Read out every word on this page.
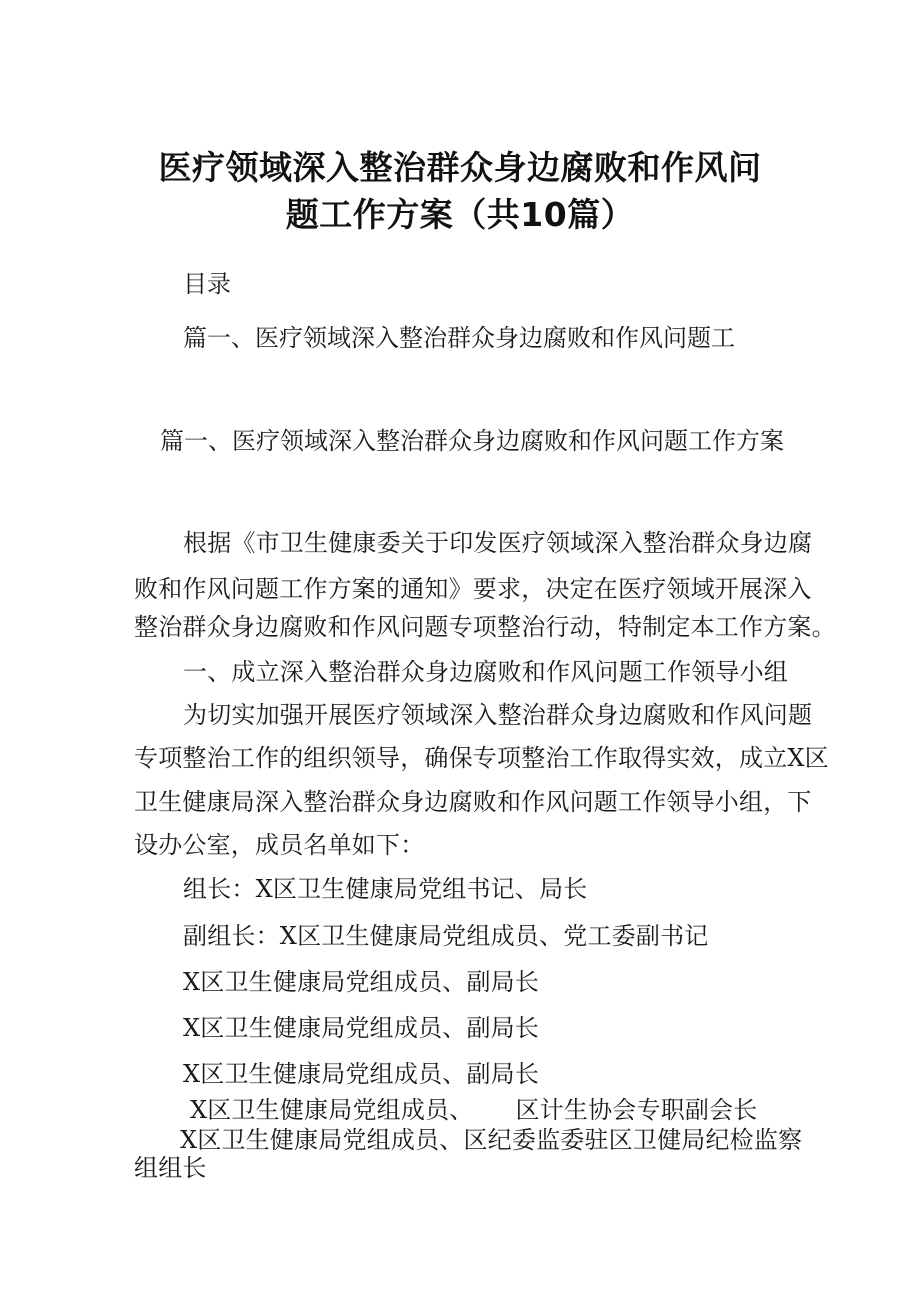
医疗领域深入整治群众身边腐败和作风问
题工作方案（共10篇）

目录

篇一、医疗领域深入整治群众身边腐败和作风问题工

篇一、医疗领域深入整治群众身边腐败和作风问题工作方案

根据《市卫生健康委关于印发医疗领域深入整治群众身边腐

败和作风问题工作方案的通知》要求，决定在医疗领域开展深入

整治群众身边腐败和作风问题专项整治行动，特制定本工作方案。

一、成立深入整治群众身边腐败和作风问题工作领导小组

为切实加强开展医疗领域深入整治群众身边腐败和作风问题

专项整治工作的组织领导，确保专项整治工作取得实效，成立X区

卫生健康局深入整治群众身边腐败和作风问题工作领导小组，下

设办公室，成员名单如下：

组长：X区卫生健康局党组书记、局长

副组长：X区卫生健康局党组成员、党工委副书记

X区卫生健康局党组成员、副局长

X区卫生健康局党组成员、副局长

X区卫生健康局党组成员、副局长

X区卫生健康局党组成员、 区计生协会专职副会长

X区卫生健康局党组成员、区纪委监委驻区卫健局纪检监察

组组长
